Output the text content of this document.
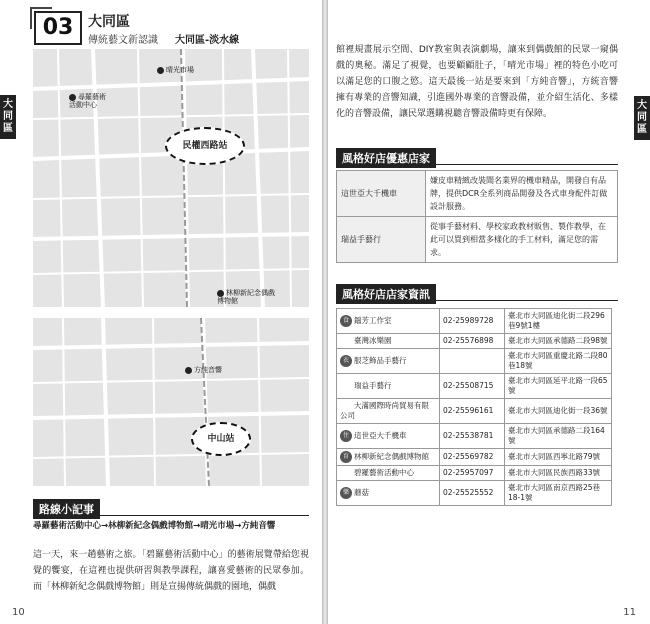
大同區
03	大同區
傳統藝文新認識 大同區-淡水線
晴光市場
尋羅藝術
活動中心
民權西路站
林柳新紀念偶戲
博物館
方純音響
中山站
路線小記事
尋羅藝術活動中心→林柳新紀念偶戲博物館→晴光市場→方純音響
這一天，來一趟藝術之旅。「碧羅藝術活動中心」的藝術展覽帶給您視覺的饗宴，在這裡也提供研習與教學課程，讓喜愛藝術的民眾參加。而「林柳新紀念偶戲博物館」則是宣揚傳統偶戲的園地，偶戲
10
大同區
館裡規畫展示空間、DIY教室與表演劇場，讓來到偶戲館的民眾一窺偶戲的奧秘。滿足了視覺，也要顧顧肚子，「晴光市場」裡的特色小吃可以滿足您的口腹之慾。這天最後一站是要來到「方純音響」，方統音響擁有專業的音響知識，引進國外專業的音響設備，並介紹生活化、多樣化的音響設備，讓民眾選購視聽音響設備時更有保障。
風格好店優惠店家
這世亞大千機車	嫌皮車精緻改裝聞名業界的機車精品，開發自有品牌，提供DCR全系列商品開發及各式車身配件訂做設計服務。
瑞益手藝行	從事手藝材料、學校家政教材販售、製作教學，在此可以買到相當多樣化的手工材料，滿足您的需求。
風格好店店家資訊
食 鐺芳工作室	02-25989728	臺北市大同區迪化街二段296巷9號1樓
臺灣冰樂園	02-25576898	臺北市大同區承德路二段98號
衣 服芝飾品手藝行		臺北市大同區重慶北路二段80巷18號
瑞益手藝行	02-25508715	臺北市大同區延平北路一段65號
大滿國際時尚貿易有限公司	02-25596161	臺北市大同區迪化街一段36號
住 這世亞大千機車	02-25538781	臺北市大同區承德路二段164號
育 林柳新紀念偶戲博物館	02-25569782	臺北市大同區西寧北路79號
碧羅藝術活動中心	02-25957097	臺北市大同區民族西路33號
樂 蘑菇	02-25525552	臺北市大同區南京西路25巷18-1號
11
